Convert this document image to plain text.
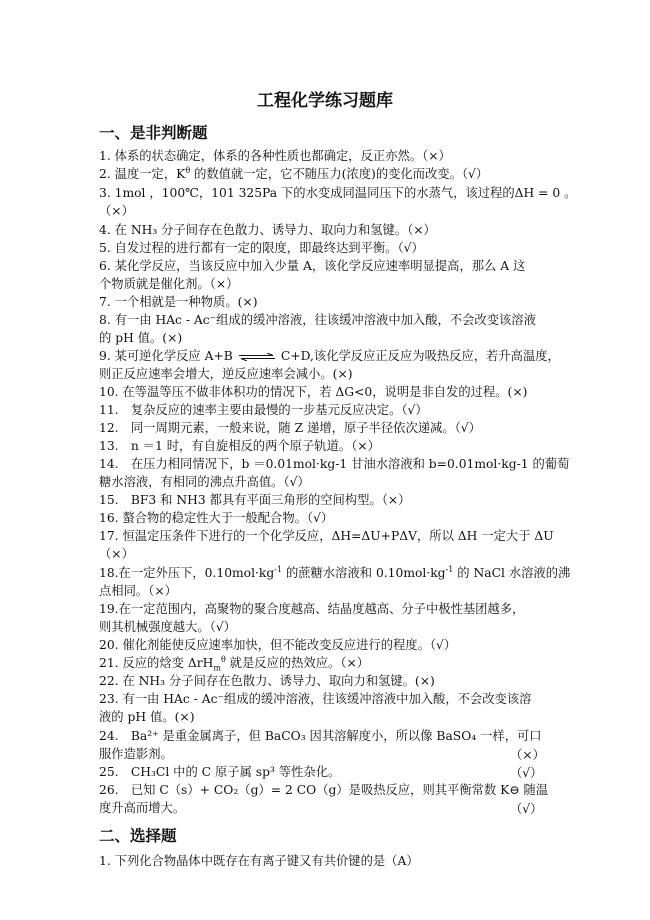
工程化学练习题库
一、是非判断题
1. 体系的状态确定，体系的各种性质也都确定，反正亦然。（×）
2. 温度一定，$K^\theta$ 的数值就一定，它不随压力(浓度)的变化而改变。（√）
3. 1mol ，100℃，101 325Pa 下的水变成同温同压下的水蒸气，该过程的ΔH = 0 。
（×）
4. 在 NH₃ 分子间存在色散力、诱导力、取向力和氢键。（×）
5. 自发过程的进行都有一定的限度，即最终达到平衡。（√）
6. 某化学反应，当该反应中加入少量 A，该化学反应速率明显提高，那么 A 这
个物质就是催化剂。（×）
7. 一个相就是一种物质。(×)
8. 有一由 HAc - Ac⁻组成的缓冲溶液，往该缓冲溶液中加入酸，不会改变该溶液
的 pH 值。(×)
9. 某可逆化学反应 A+B ⇌ C+D,该化学反应正反应为吸热反应，若升高温度，
则正反应速率会增大，逆反应速率会减小。(×)
10. 在等温等压不做非体积功的情况下，若 ΔG<0，说明是非自发的过程。(×)
11.　复杂反应的速率主要由最慢的一步基元反应决定。（√）
12.　同一周期元素，一般来说，随 Z 递增，原子半径依次递减。（√）
13.　n ＝1 时，有自旋相反的两个原子轨道。（×）
14.　在压力相同情况下，b ＝0.01mol·kg-1 甘油水溶液和 b=0.01mol·kg-1 的葡萄
糖水溶液，有相同的沸点升高值。（√）
15.　BF3 和 NH3 都具有平面三角形的空间构型。（×）
16. 螯合物的稳定性大于一般配合物。（√）
17. 恒温定压条件下进行的一个化学反应，ΔH=ΔU+PΔV，所以 ΔH 一定大于 ΔU
（×）
18.在一定外压下，$0.10mol\cdot kg^{-1}$ 的蔗糖水溶液和 $0.10mol\cdot kg^{-1}$ 的 NaCl 水溶液的沸
点相同。（×）
19.在一定范围内，高聚物的聚合度越高、结晶度越高、分子中极性基团越多，
则其机械强度越大。（√）
20. 催化剂能使反应速率加快，但不能改变反应进行的程度。（√）
21. 反应的焓变 ΔrH$_m^\theta$ 就是反应的热效应。（×）
22. 在 NH₃ 分子间存在色散力、诱导力、取向力和氢键。(×)
23. 有一由 HAc - Ac⁻组成的缓冲溶液，往该缓冲溶液中加入酸，不会改变该溶
液的 pH 值。(×)
24.　Ba²⁺ 是重金属离子，但 BaCO₃ 因其溶解度小，所以像 BaSO₄ 一样，可口
服作造影剂。	（×）
25.　CH₃Cl 中的 C 原子属 sp³ 等性杂化。	（√）
26.　已知 C（s）+ CO₂（g）= 2 CO（g）是吸热反应，则其平衡常数 K⊖ 随温
度升高而增大。	（√）
二、选择题
1. 下列化合物晶体中既存在有离子键又有共价键的是（A）
